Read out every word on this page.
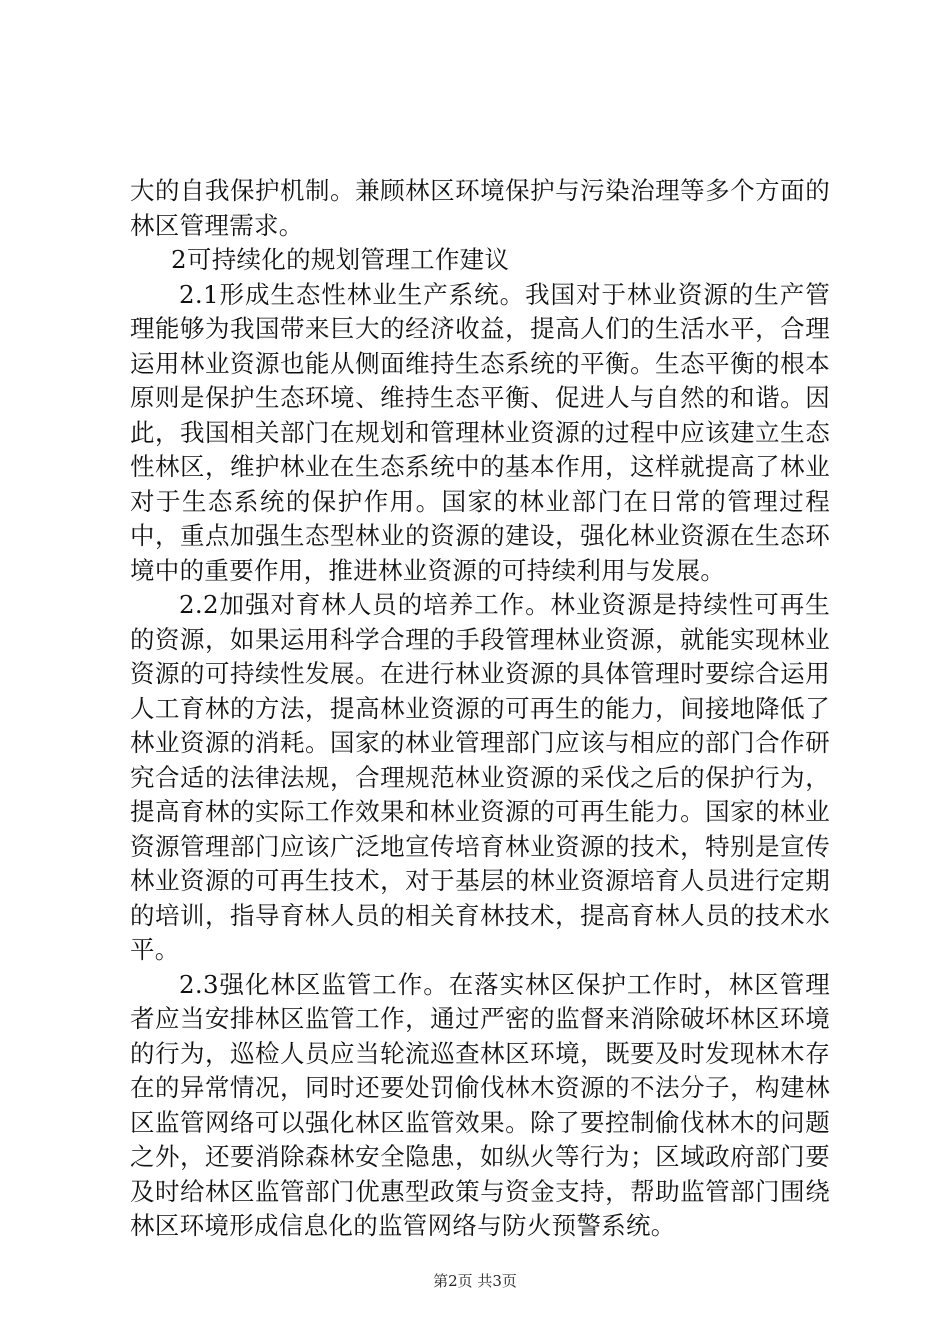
大的自我保护机制。兼顾林区环境保护与污染治理等多个方面的林区管理需求。

2可持续化的规划管理工作建议

2.1形成生态性林业生产系统。我国对于林业资源的生产管理能够为我国带来巨大的经济收益，提高人们的生活水平，合理运用林业资源也能从侧面维持生态系统的平衡。生态平衡的根本原则是保护生态环境、维持生态平衡、促进人与自然的和谐。因此，我国相关部门在规划和管理林业资源的过程中应该建立生态性林区，维护林业在生态系统中的基本作用，这样就提高了林业对于生态系统的保护作用。国家的林业部门在日常的管理过程中，重点加强生态型林业的资源的建设，强化林业资源在生态环境中的重要作用，推进林业资源的可持续利用与发展。

2.2加强对育林人员的培养工作。林业资源是持续性可再生的资源，如果运用科学合理的手段管理林业资源，就能实现林业资源的可持续性发展。在进行林业资源的具体管理时要综合运用人工育林的方法，提高林业资源的可再生的能力，间接地降低了林业资源的消耗。国家的林业管理部门应该与相应的部门合作研究合适的法律法规，合理规范林业资源的采伐之后的保护行为，提高育林的实际工作效果和林业资源的可再生能力。国家的林业资源管理部门应该广泛地宣传培育林业资源的技术，特别是宣传林业资源的可再生技术，对于基层的林业资源培育人员进行定期的培训，指导育林人员的相关育林技术，提高育林人员的技术水平。

2.3强化林区监管工作。在落实林区保护工作时，林区管理者应当安排林区监管工作，通过严密的监督来消除破坏林区环境的行为，巡检人员应当轮流巡查林区环境，既要及时发现林木存在的异常情况，同时还要处罚偷伐林木资源的不法分子，构建林区监管网络可以强化林区监管效果。除了要控制偷伐林木的问题之外，还要消除森林安全隐患，如纵火等行为；区域政府部门要及时给林区监管部门优惠型政策与资金支持，帮助监管部门围绕林区环境形成信息化的监管网络与防火预警系统。

第2页 共3页
